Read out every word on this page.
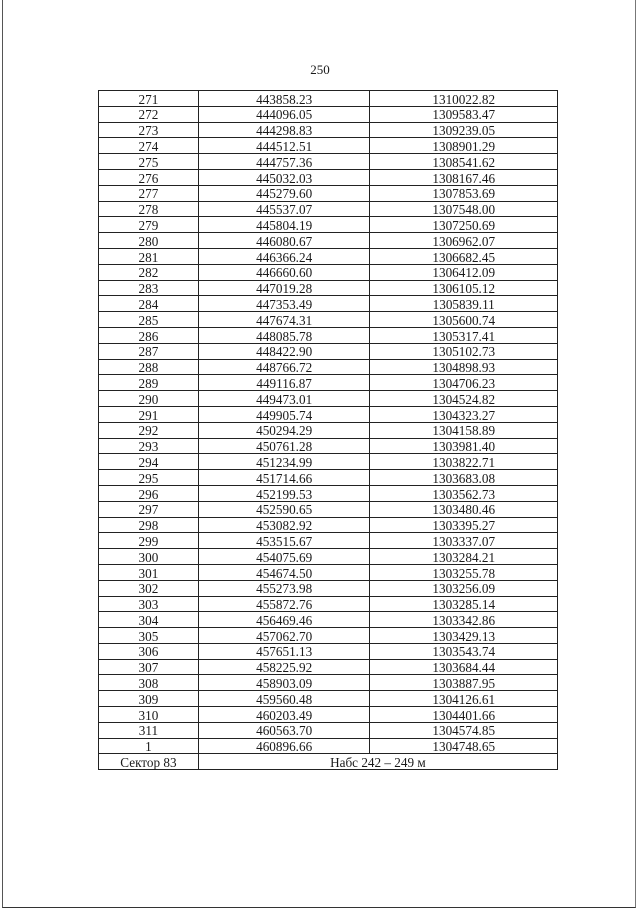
250
271	443858.23	1310022.82
272	444096.05	1309583.47
273	444298.83	1309239.05
274	444512.51	1308901.29
275	444757.36	1308541.62
276	445032.03	1308167.46
277	445279.60	1307853.69
278	445537.07	1307548.00
279	445804.19	1307250.69
280	446080.67	1306962.07
281	446366.24	1306682.45
282	446660.60	1306412.09
283	447019.28	1306105.12
284	447353.49	1305839.11
285	447674.31	1305600.74
286	448085.78	1305317.41
287	448422.90	1305102.73
288	448766.72	1304898.93
289	449116.87	1304706.23
290	449473.01	1304524.82
291	449905.74	1304323.27
292	450294.29	1304158.89
293	450761.28	1303981.40
294	451234.99	1303822.71
295	451714.66	1303683.08
296	452199.53	1303562.73
297	452590.65	1303480.46
298	453082.92	1303395.27
299	453515.67	1303337.07
300	454075.69	1303284.21
301	454674.50	1303255.78
302	455273.98	1303256.09
303	455872.76	1303285.14
304	456469.46	1303342.86
305	457062.70	1303429.13
306	457651.13	1303543.74
307	458225.92	1303684.44
308	458903.09	1303887.95
309	459560.48	1304126.61
310	460203.49	1304401.66
311	460563.70	1304574.85
1	460896.66	1304748.65
Сектор 83	Набс 242 – 249 м	
